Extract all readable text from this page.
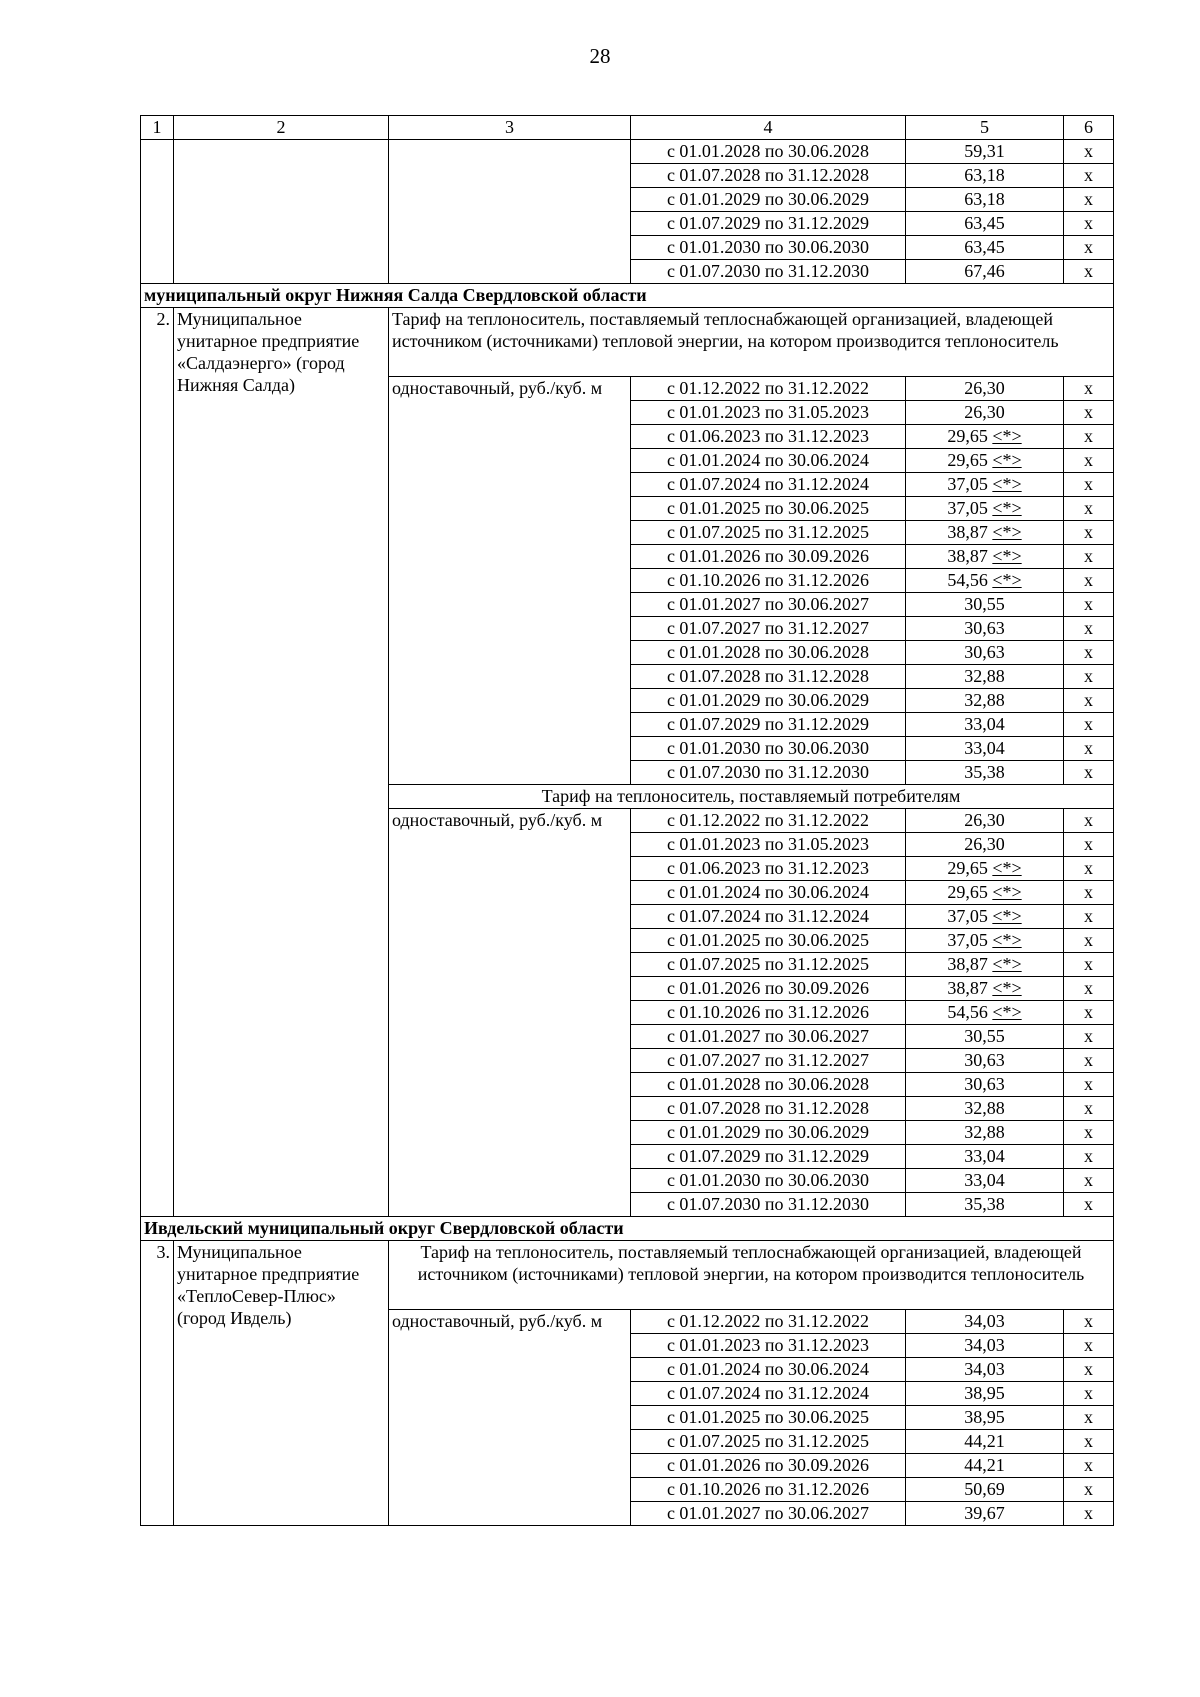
28
1	2	3	4	5	6
			с 01.01.2028 по 30.06.2028	59,31	х
			с 01.07.2028 по 31.12.2028	63,18	х
			с 01.01.2029 по 30.06.2029	63,18	х
			с 01.07.2029 по 31.12.2029	63,45	х
			с 01.01.2030 по 30.06.2030	63,45	х
			с 01.07.2030 по 31.12.2030	67,46	х
муниципальный округ Нижняя Салда Свердловской области					
2.	Муниципальное унитарное предприятие «Салдаэнерго» (город Нижняя Салда)	Тариф на теплоноситель, поставляемый теплоснабжающей организацией, владеющей источником (источниками) тепловой энергии, на котором производится теплоноситель			
		одноставочный, руб./куб. м	с 01.12.2022 по 31.12.2022	26,30	х
			с 01.01.2023 по 31.05.2023	26,30	х
			с 01.06.2023 по 31.12.2023	29,65 <*>	х
			с 01.01.2024 по 30.06.2024	29,65 <*>	х
			с 01.07.2024 по 31.12.2024	37,05 <*>	х
			с 01.01.2025 по 30.06.2025	37,05 <*>	х
			с 01.07.2025 по 31.12.2025	38,87 <*>	х
			с 01.01.2026 по 30.09.2026	38,87 <*>	х
			с 01.10.2026 по 31.12.2026	54,56 <*>	х
			с 01.01.2027 по 30.06.2027	30,55	х
			с 01.07.2027 по 31.12.2027	30,63	х
			с 01.01.2028 по 30.06.2028	30,63	х
			с 01.07.2028 по 31.12.2028	32,88	х
			с 01.01.2029 по 30.06.2029	32,88	х
			с 01.07.2029 по 31.12.2029	33,04	х
			с 01.01.2030 по 30.06.2030	33,04	х
			с 01.07.2030 по 31.12.2030	35,38	х
		Тариф на теплоноситель, поставляемый потребителям			
		одноставочный, руб./куб. м	с 01.12.2022 по 31.12.2022	26,30	х
			с 01.01.2023 по 31.05.2023	26,30	х
			с 01.06.2023 по 31.12.2023	29,65 <*>	х
			с 01.01.2024 по 30.06.2024	29,65 <*>	х
			с 01.07.2024 по 31.12.2024	37,05 <*>	х
			с 01.01.2025 по 30.06.2025	37,05 <*>	х
			с 01.07.2025 по 31.12.2025	38,87 <*>	х
			с 01.01.2026 по 30.09.2026	38,87 <*>	х
			с 01.10.2026 по 31.12.2026	54,56 <*>	х
			с 01.01.2027 по 30.06.2027	30,55	х
			с 01.07.2027 по 31.12.2027	30,63	х
			с 01.01.2028 по 30.06.2028	30,63	х
			с 01.07.2028 по 31.12.2028	32,88	х
			с 01.01.2029 по 30.06.2029	32,88	х
			с 01.07.2029 по 31.12.2029	33,04	х
			с 01.01.2030 по 30.06.2030	33,04	х
			с 01.07.2030 по 31.12.2030	35,38	х
Ивдельский муниципальный округ Свердловской области					
3.	Муниципальное унитарное предприятие «ТеплоСевер-Плюс» (город Ивдель)	Тариф на теплоноситель, поставляемый теплоснабжающей организацией, владеющей источником (источниками) тепловой энергии, на котором производится теплоноситель			
		одноставочный, руб./куб. м	с 01.12.2022 по 31.12.2022	34,03	х
			с 01.01.2023 по 31.12.2023	34,03	х
			с 01.01.2024 по 30.06.2024	34,03	х
			с 01.07.2024 по 31.12.2024	38,95	х
			с 01.01.2025 по 30.06.2025	38,95	х
			с 01.07.2025 по 31.12.2025	44,21	х
			с 01.01.2026 по 30.09.2026	44,21	х
			с 01.10.2026 по 31.12.2026	50,69	х
			с 01.01.2027 по 30.06.2027	39,67	х
